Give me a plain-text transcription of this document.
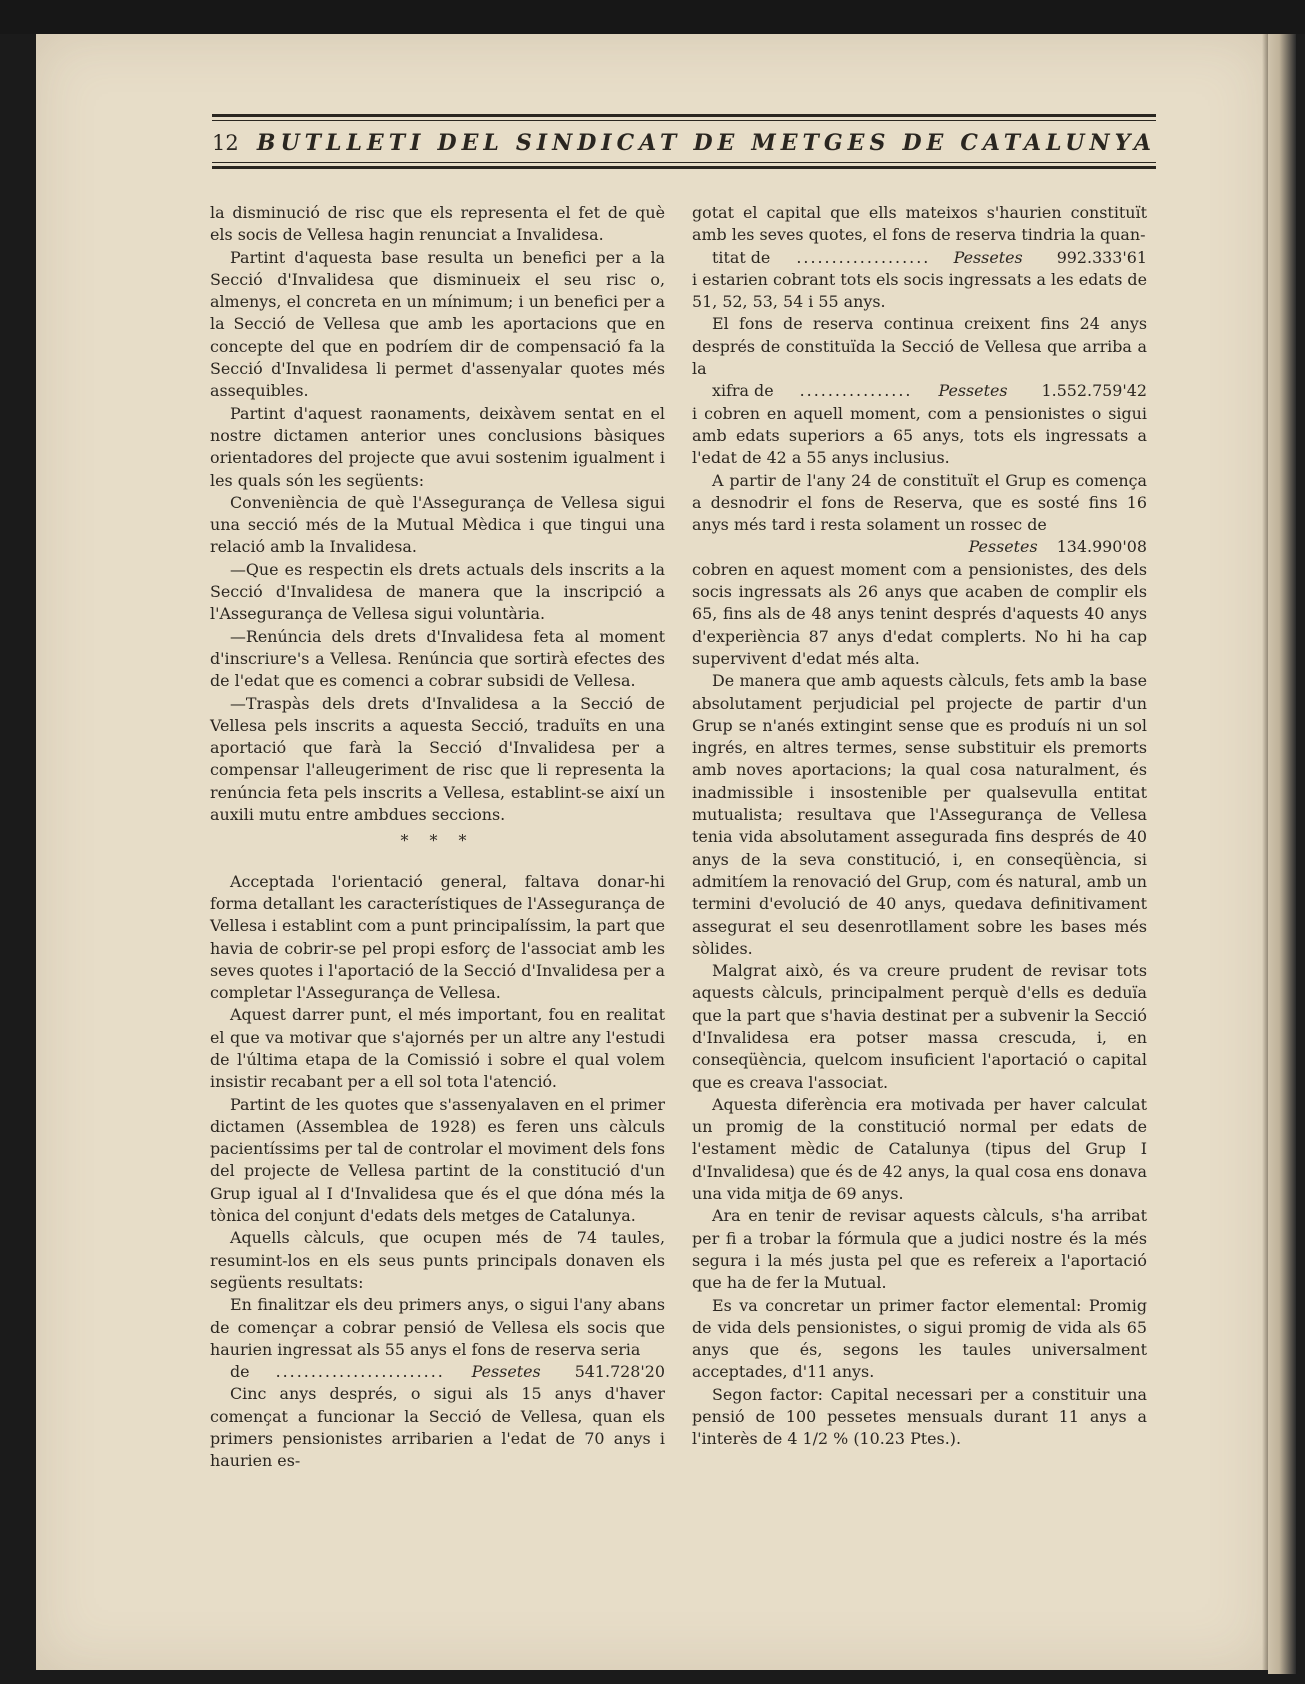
12 BUTLLETI DEL SINDICAT DE METGES DE CATALUNYA

la disminució de risc que els representa el fet de què els socis de Vellesa hagin renunciat a Invalidesa.

Partint d'aquesta base resulta un benefici per a la Secció d'Invalidesa que disminueix el seu risc o, almenys, el concreta en un mínimum; i un benefici per a la Secció de Vellesa que amb les aportacions que en concepte del que en podríem dir de compensació fa la Secció d'Invalidesa li permet d'assenyalar quotes més assequibles.

Partint d'aquest raonaments, deixàvem sentat en el nostre dictamen anterior unes conclusions bàsiques orientadores del projecte que avui sostenim igualment i les quals són les següents:

Conveniència de què l'Assegurança de Vellesa sigui una secció més de la Mutual Mèdica i que tingui una relació amb la Invalidesa.

—Que es respectin els drets actuals dels inscrits a la Secció d'Invalidesa de manera que la inscripció a l'Assegurança de Vellesa sigui voluntària.

—Renúncia dels drets d'Invalidesa feta al moment d'inscriure's a Vellesa. Renúncia que sortirà efectes des de l'edat que es comenci a cobrar subsidi de Vellesa.

—Traspàs dels drets d'Invalidesa a la Secció de Vellesa pels inscrits a aquesta Secció, traduïts en una aportació que farà la Secció d'Invalidesa per a compensar l'alleugeriment de risc que li representa la renúncia feta pels inscrits a Vellesa, establint-se així un auxili mutu entre ambdues seccions.

* * *

Acceptada l'orientació general, faltava donar-hi forma detallant les característiques de l'Assegurança de Vellesa i establint com a punt principalíssim, la part que havia de cobrir-se pel propi esforç de l'associat amb les seves quotes i l'aportació de la Secció d'Invalidesa per a completar l'Assegurança de Vellesa.

Aquest darrer punt, el més important, fou en realitat el que va motivar que s'ajornés per un altre any l'estudi de l'última etapa de la Comissió i sobre el qual volem insistir recabant per a ell sol tota l'atenció.

Partint de les quotes que s'assenyalaven en el primer dictamen (Assemblea de 1928) es feren uns càlculs pacientíssims per tal de controlar el moviment dels fons del projecte de Vellesa partint de la constitució d'un Grup igual al I d'Invalidesa que és el que dóna més la tònica del conjunt d'edats dels metges de Catalunya.

Aquells càlculs, que ocupen més de 74 taules, resumint-los en els seus punts principals donaven els següents resultats:

En finalitzar els deu primers anys, o sigui l'any abans de començar a cobrar pensió de Vellesa els socis que haurien ingressat als 55 anys el fons de reserva seria

de .....	Pessetes	541.728'20

Cinc anys després, o sigui als 15 anys d'haver començat a funcionar la Secció de Vellesa, quan els primers pensionistes arribarien a l'edat de 70 anys i haurien es-

gotat el capital que ells mateixos s'haurien constituït amb les seves quotes, el fons de reserva tindria la quan-

titat de .....	Pessetes	992.333'61

i estarien cobrant tots els socis ingressats a les edats de 51, 52, 53, 54 i 55 anys.

El fons de reserva continua creixent fins 24 anys després de constituïda la Secció de Vellesa que arriba a la

xifra de .....	Pessetes	1.552.759'42

i cobren en aquell moment, com a pensionistes o sigui amb edats superiors a 65 anys, tots els ingressats a l'edat de 42 a 55 anys inclusius.

A partir de l'any 24 de constituït el Grup es comença a desnodrir el fons de Reserva, que es sosté fins 16 anys més tard i resta solament un rossec de

Pessetes 134.990'08

cobren en aquest moment com a pensionistes, des dels socis ingressats als 26 anys que acaben de complir els 65, fins als de 48 anys tenint després d'aquests 40 anys d'experiència 87 anys d'edat complerts. No hi ha cap supervivent d'edat més alta.

De manera que amb aquests càlculs, fets amb la base absolutament perjudicial pel projecte de partir d'un Grup se n'anés extingint sense que es produís ni un sol ingrés, en altres termes, sense substituir els premorts amb noves aportacions; la qual cosa naturalment, és inadmissible i insostenible per qualsevulla entitat mutualista; resultava que l'Assegurança de Vellesa tenia vida absolutament assegurada fins després de 40 anys de la seva constitució, i, en conseqüència, si admitíem la renovació del Grup, com és natural, amb un termini d'evolució de 40 anys, quedava definitivament assegurat el seu desenrotllament sobre les bases més sòlides.

Malgrat això, és va creure prudent de revisar tots aquests càlculs, principalment perquè d'ells es deduïa que la part que s'havia destinat per a subvenir la Secció d'Invalidesa era potser massa crescuda, i, en conseqüència, quelcom insuficient l'aportació o capital que es creava l'associat.

Aquesta diferència era motivada per haver calculat un promig de la constitució normal per edats de l'estament mèdic de Catalunya (tipus del Grup I d'Invalidesa) que és de 42 anys, la qual cosa ens donava una vida mitja de 69 anys.

Ara en tenir de revisar aquests càlculs, s'ha arribat per fi a trobar la fórmula que a judici nostre és la més segura i la més justa pel que es refereix a l'aportació que ha de fer la Mutual.

Es va concretar un primer factor elemental: Promig de vida dels pensionistes, o sigui promig de vida als 65 anys que és, segons les taules universalment acceptades, d'11 anys.

Segon factor: Capital necessari per a constituir una pensió de 100 pessetes mensuals durant 11 anys a l'interès de 4 1/2 % (10.23 Ptes.).
